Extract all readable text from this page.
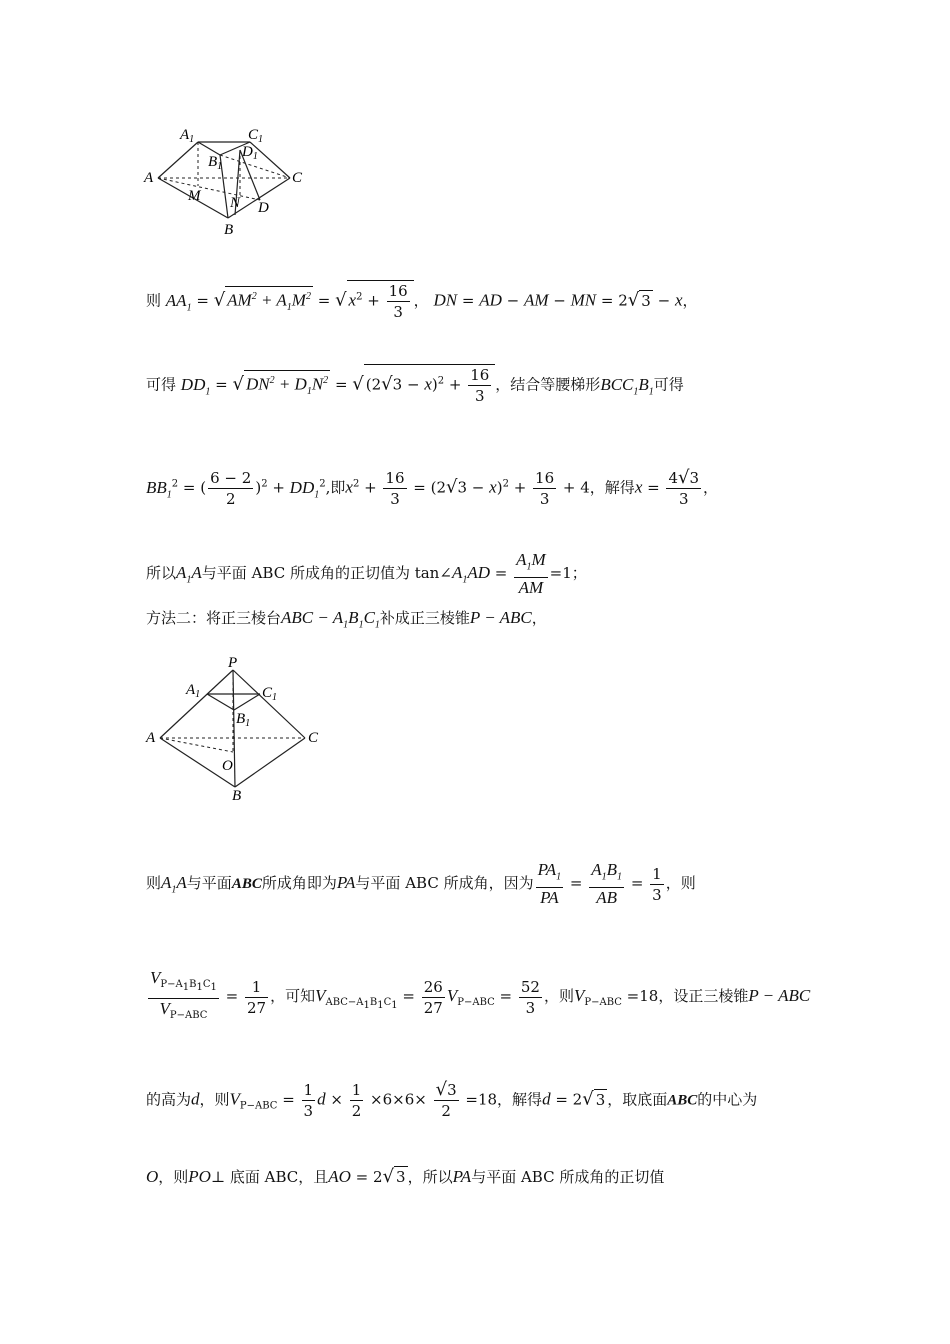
$A_1$	$C_1$
$B_1$
$D_1$
A	C
M N D
B
则 $AA_1$ = √ $AM^2 + A_1M^2$ = √ $x^2 + \frac{16}{3}$ ， DN = AD − AM − MN = 2√ 3 − x，
可得 $DD_1$ = √ $DN^2 + D_1N^2$ = √ $(2√3 - x)^2 + \frac{16}{3}$ ，结合等腰梯形$BCC_1B_1$可得
$BB_1^2$ = ( $\frac{6 - 2}{2} )^2 + DD_1^2$,即$x^2 + \frac{16}{3} = (2√3 - x)^2 + \frac{16}{3} + 4$，解得$x = \frac{4√3}{3}$ ，
所以$A_1A$与平面 ABC 所成角的正切值为 $\tan\angle A_1AD = \frac{A_1M}{AM} =1$；
方法二：将正三棱台ABC − $A_1B_1C_1$补成正三棱锥P − ABC，
P
$A_1$	$C_1$
$B_1$
A	C
O
B
则$A_1A$与平面ABC所成角即为PA与平面 ABC 所成角，因为 $\frac{PA_1}{PA} = \frac{A_1B_1}{AB} = \frac{1}{3}$ ，则
$\frac{V_{P-A_1B_1C_1}}{V_{P-ABC}} = \frac{1}{27}$ ，可知$V_{ABC-A_1B_1C_1} = \frac{26}{27} V_{P-ABC} = \frac{52}{3}$ ，则$V_{P-ABC} =18$，设正三棱锥P − ABC
的高为d，则$V_{P-ABC} = \frac{1}{3}$ $d \times \frac{1}{2} \times 6\times 6\times \frac{√3}{2} =18$，解得d = 2√ 3 ，取底面ABC的中心为
O，则PO⊥ 底面 ABC，且AO = 2√ 3 ，所以PA与平面 ABC 所成角的正切值
